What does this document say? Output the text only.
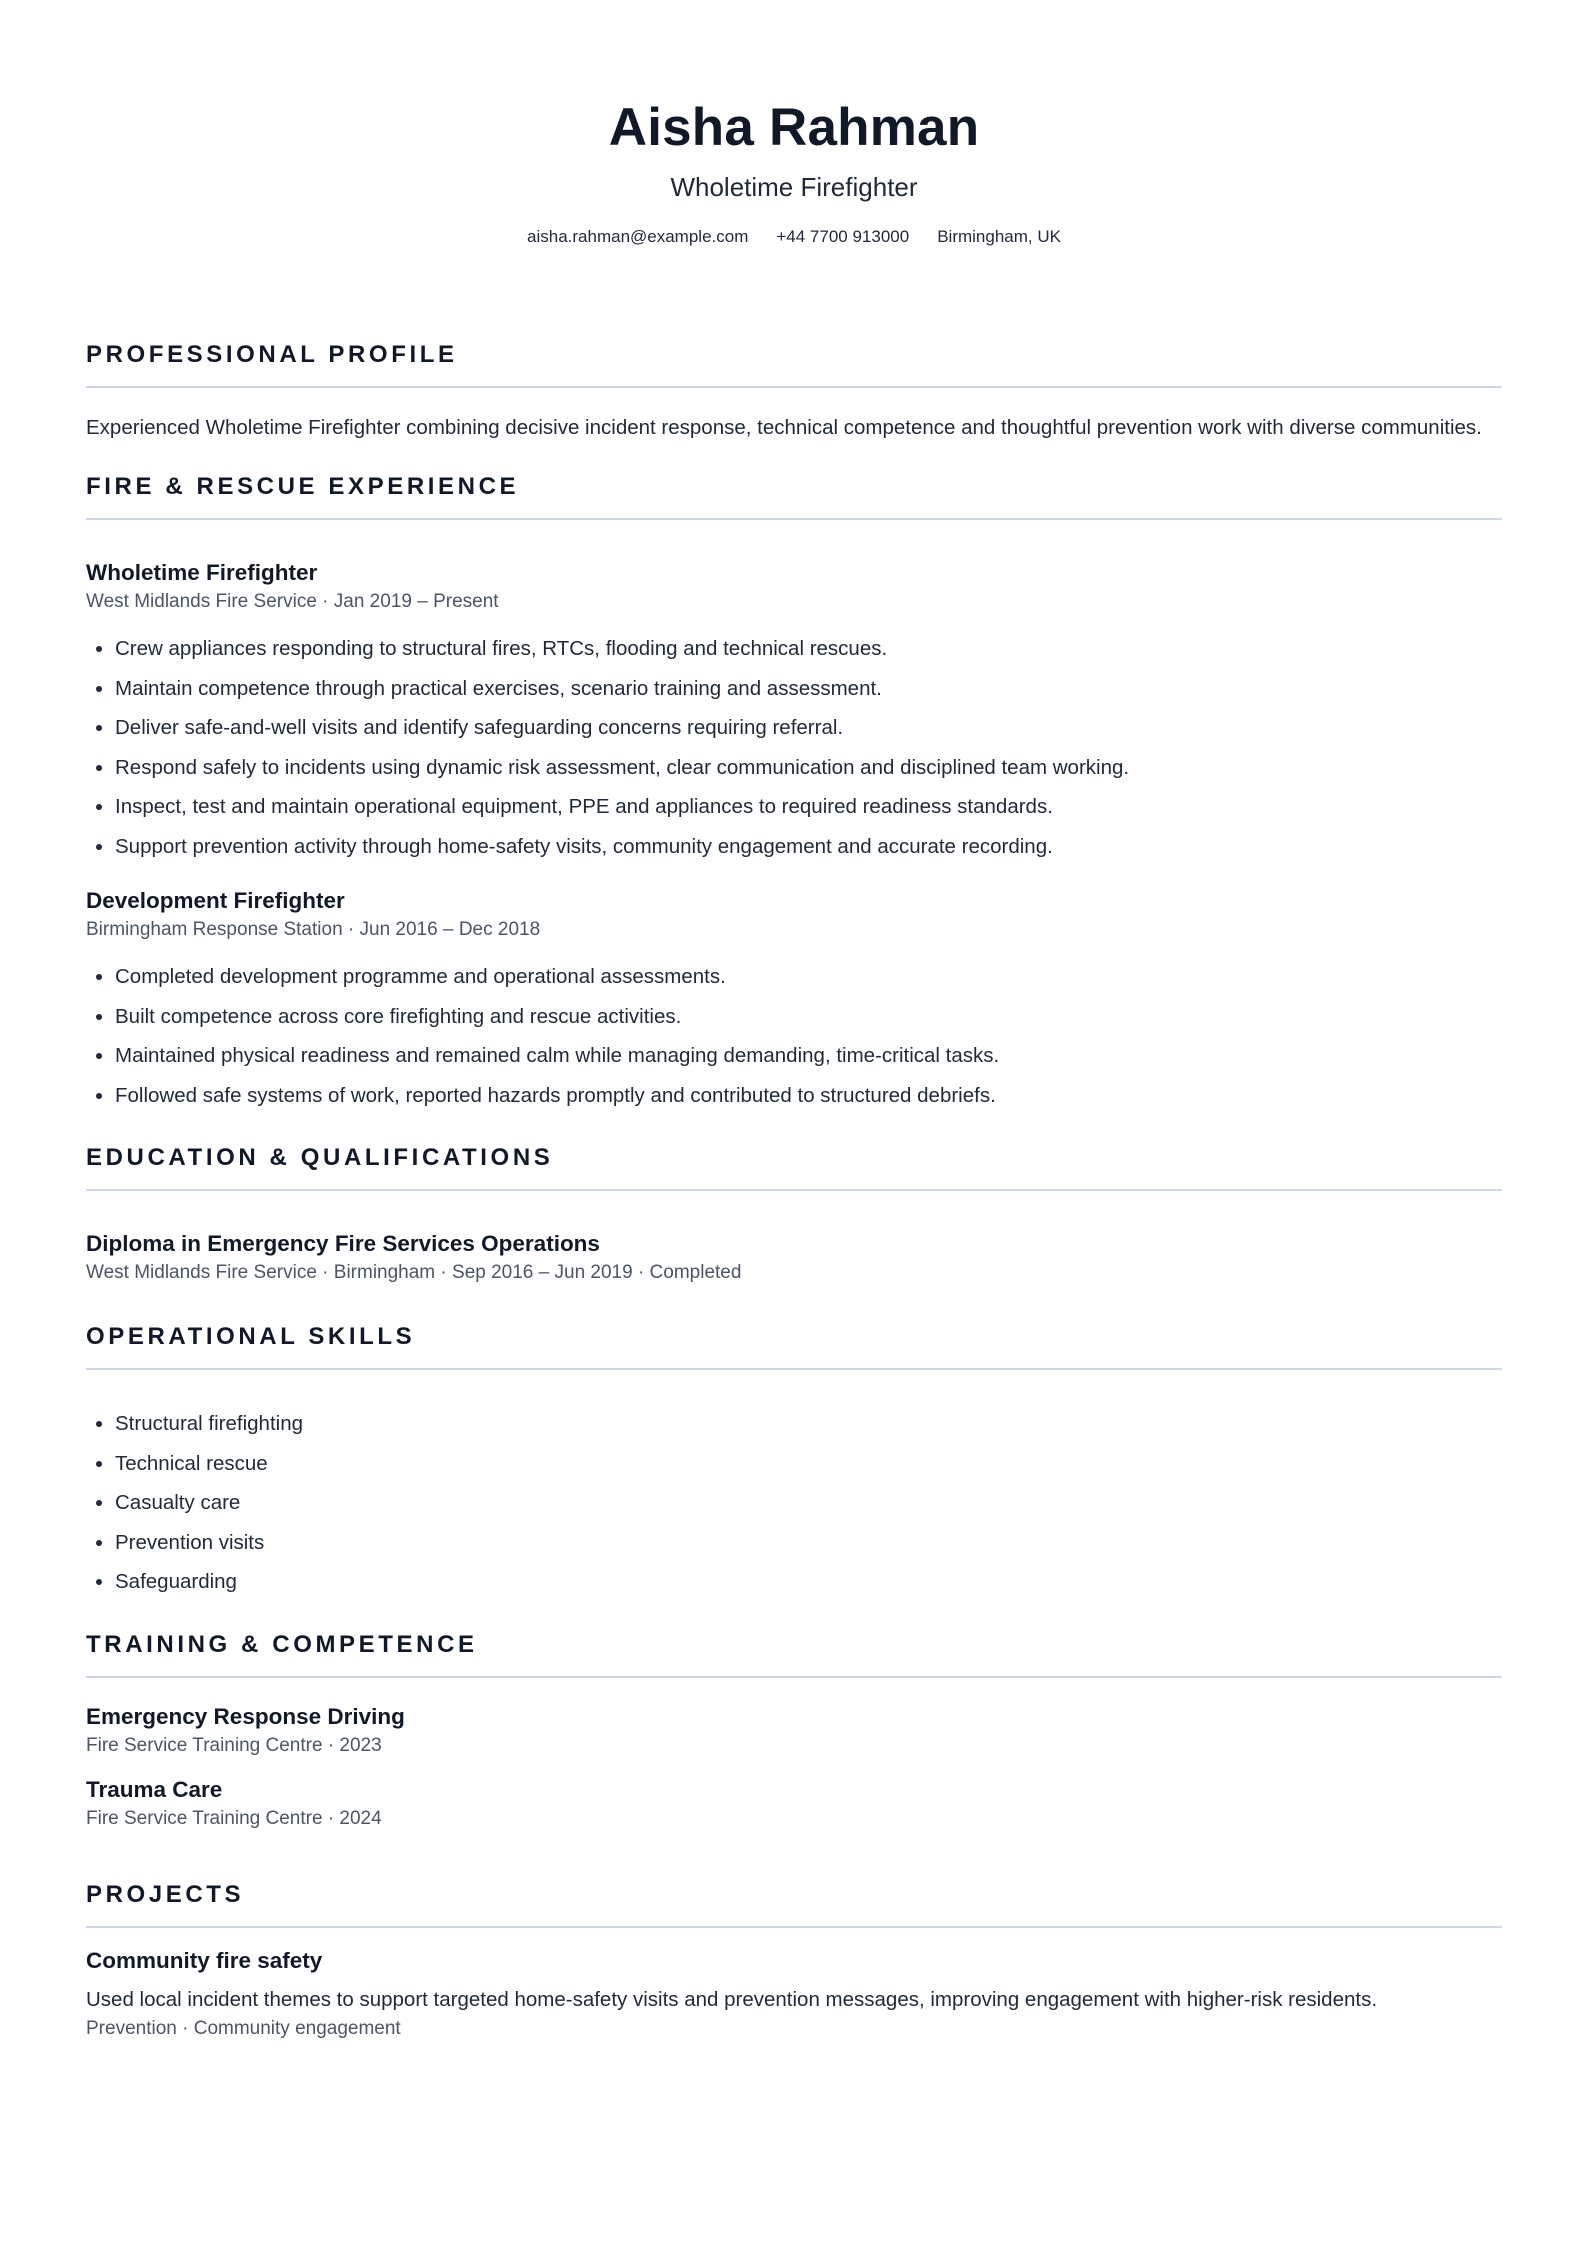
Aisha Rahman
Wholetime Firefighter
aisha.rahman@example.com +44 7700 913000 Birmingham, UK
PROFESSIONAL PROFILE
Experienced Wholetime Firefighter combining decisive incident response, technical competence and thoughtful prevention work with diverse communities.
FIRE & RESCUE EXPERIENCE
Wholetime Firefighter
West Midlands Fire Service · Jan 2019 – Present
• Crew appliances responding to structural fires, RTCs, flooding and technical rescues.
• Maintain competence through practical exercises, scenario training and assessment.
• Deliver safe-and-well visits and identify safeguarding concerns requiring referral.
• Respond safely to incidents using dynamic risk assessment, clear communication and disciplined team working.
• Inspect, test and maintain operational equipment, PPE and appliances to required readiness standards.
• Support prevention activity through home-safety visits, community engagement and accurate recording.
Development Firefighter
Birmingham Response Station · Jun 2016 – Dec 2018
• Completed development programme and operational assessments.
• Built competence across core firefighting and rescue activities.
• Maintained physical readiness and remained calm while managing demanding, time-critical tasks.
• Followed safe systems of work, reported hazards promptly and contributed to structured debriefs.
EDUCATION & QUALIFICATIONS
Diploma in Emergency Fire Services Operations
West Midlands Fire Service · Birmingham · Sep 2016 – Jun 2019 · Completed
OPERATIONAL SKILLS
• Structural firefighting
• Technical rescue
• Casualty care
• Prevention visits
• Safeguarding
TRAINING & COMPETENCE
Emergency Response Driving
Fire Service Training Centre · 2023
Trauma Care
Fire Service Training Centre · 2024
PROJECTS
Community fire safety
Used local incident themes to support targeted home-safety visits and prevention messages, improving engagement with higher-risk residents.
Prevention · Community engagement
